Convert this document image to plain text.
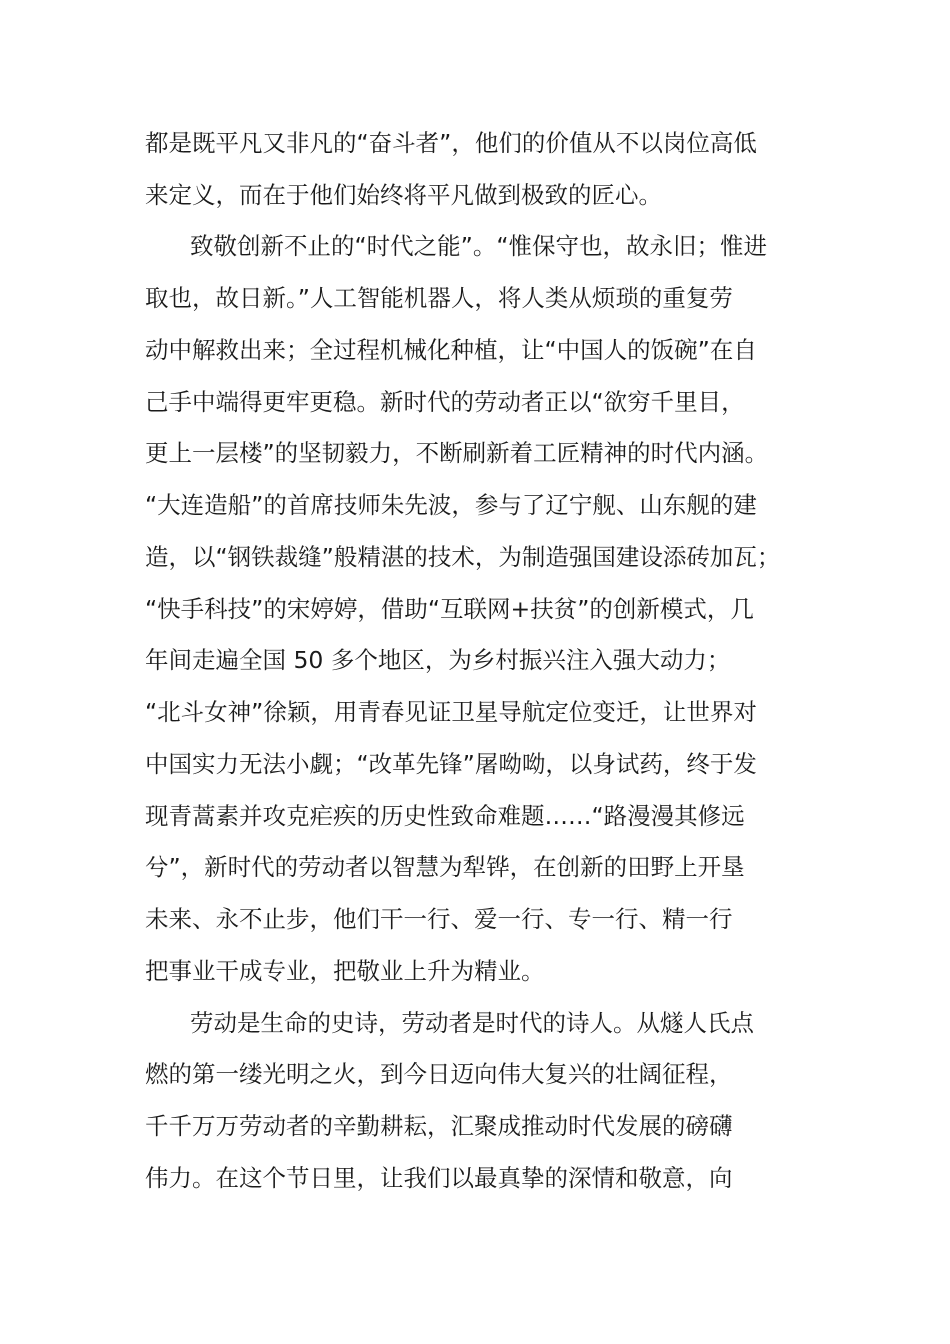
都是既平凡又非凡的“奋斗者”，他们的价值从不以岗位高低
来定义，而在于他们始终将平凡做到极致的匠心。
致敬创新不止的“时代之能”。“惟保守也，故永旧；惟进
取也，故日新。”人工智能机器人，将人类从烦琐的重复劳
动中解救出来；全过程机械化种植，让“中国人的饭碗”在自
己手中端得更牢更稳。新时代的劳动者正以“欲穷千里目，
更上一层楼”的坚韧毅力，不断刷新着工匠精神的时代内涵。
“大连造船”的首席技师朱先波，参与了辽宁舰、山东舰的建
造，以“钢铁裁缝”般精湛的技术，为制造强国建设添砖加瓦；
“快手科技”的宋婷婷，借助“互联网+扶贫”的创新模式，几
年间走遍全国 50 多个地区，为乡村振兴注入强大动力；
“北斗女神”徐颖，用青春见证卫星导航定位变迁，让世界对
中国实力无法小觑；“改革先锋”屠呦呦，以身试药，终于发
现青蒿素并攻克疟疾的历史性致命难题……“路漫漫其修远
兮”，新时代的劳动者以智慧为犁铧，在创新的田野上开垦
未来、永不止步，他们干一行、爱一行、专一行、精一行
把事业干成专业，把敬业上升为精业。
劳动是生命的史诗，劳动者是时代的诗人。从燧人氏点
燃的第一缕光明之火，到今日迈向伟大复兴的壮阔征程，
千千万万劳动者的辛勤耕耘，汇聚成推动时代发展的磅礴
伟力。在这个节日里，让我们以最真挚的深情和敬意，向
